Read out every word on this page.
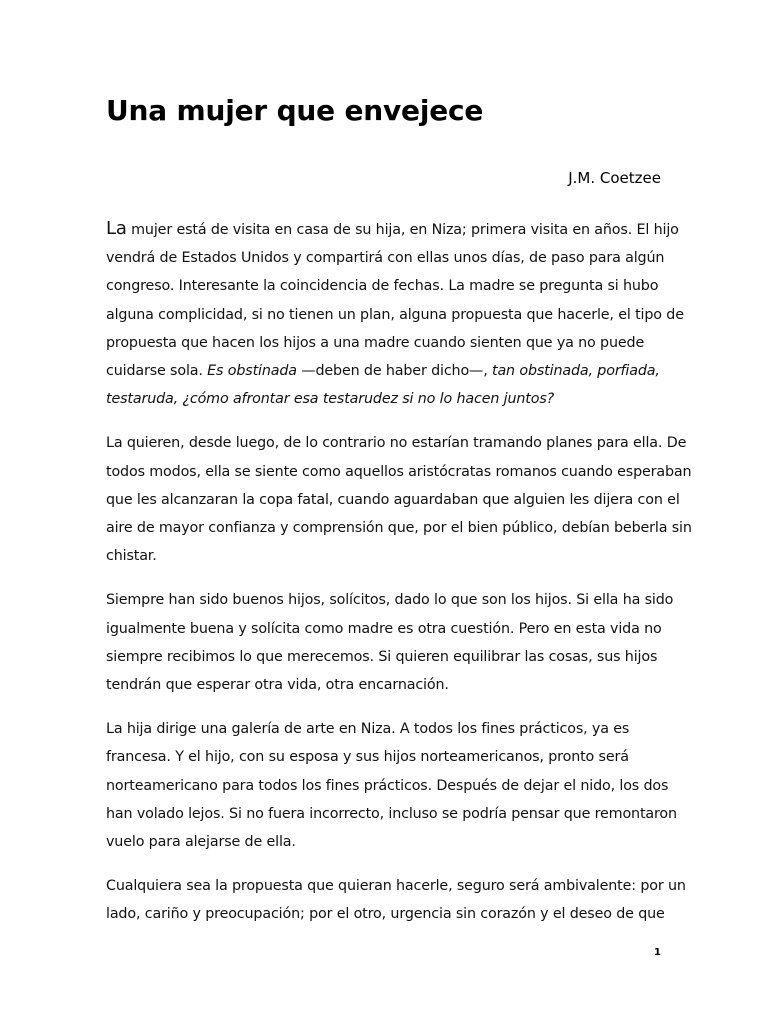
Una mujer que envejece
J.M. Coetzee

La mujer está de visita en casa de su hija, en Niza; primera visita en años. El hijo
vendrá de Estados Unidos y compartirá con ellas unos días, de paso para algún
congreso. Interesante la coincidencia de fechas. La madre se pregunta si hubo
alguna complicidad, si no tienen un plan, alguna propuesta que hacerle, el tipo de
propuesta que hacen los hijos a una madre cuando sienten que ya no puede
cuidarse sola. Es obstinada —deben de haber dicho—, tan obstinada, porfiada,
testaruda, ¿cómo afrontar esa testarudez si no lo hacen juntos?

La quieren, desde luego, de lo contrario no estarían tramando planes para ella. De
todos modos, ella se siente como aquellos aristócratas romanos cuando esperaban
que les alcanzaran la copa fatal, cuando aguardaban que alguien les dijera con el
aire de mayor confianza y comprensión que, por el bien público, debían beberla sin
chistar.

Siempre han sido buenos hijos, solícitos, dado lo que son los hijos. Si ella ha sido
igualmente buena y solícita como madre es otra cuestión. Pero en esta vida no
siempre recibimos lo que merecemos. Si quieren equilibrar las cosas, sus hijos
tendrán que esperar otra vida, otra encarnación.

La hija dirige una galería de arte en Niza. A todos los fines prácticos, ya es
francesa. Y el hijo, con su esposa y sus hijos norteamericanos, pronto será
norteamericano para todos los fines prácticos. Después de dejar el nido, los dos
han volado lejos. Si no fuera incorrecto, incluso se podría pensar que remontaron
vuelo para alejarse de ella.

Cualquiera sea la propuesta que quieran hacerle, seguro será ambivalente: por un
lado, cariño y preocupación; por el otro, urgencia sin corazón y el deseo de que

1
